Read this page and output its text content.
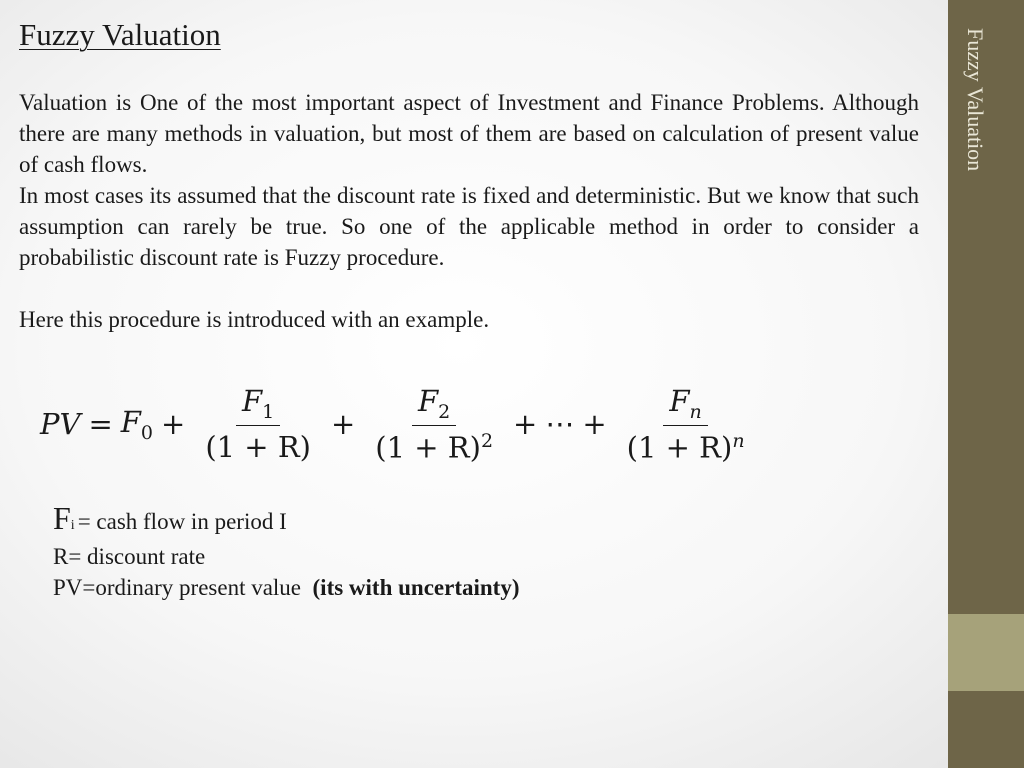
Fuzzy Valuation

Valuation is One of the most important aspect of Investment and Finance Problems. Although there are many methods in valuation, but most of them are based on calculation of present value of cash flows.

In most cases its assumed that the discount rate is fixed and deterministic. But we know that such assumption can rarely be true. So one of the applicable method in order to consider a probabilistic discount rate is Fuzzy procedure.

Here this procedure is introduced with an example.

PV = $F_0 + \frac{F_1}{(1 + R)} + \frac{F_2}{(1 + R)^2}$ + ⋯ + $\frac{F_n}{(1 + R)^n}$
Fi = cash flow in period I
R= discount rate
PV=ordinary present value (its with uncertainty)
Fuzzy Valuation
